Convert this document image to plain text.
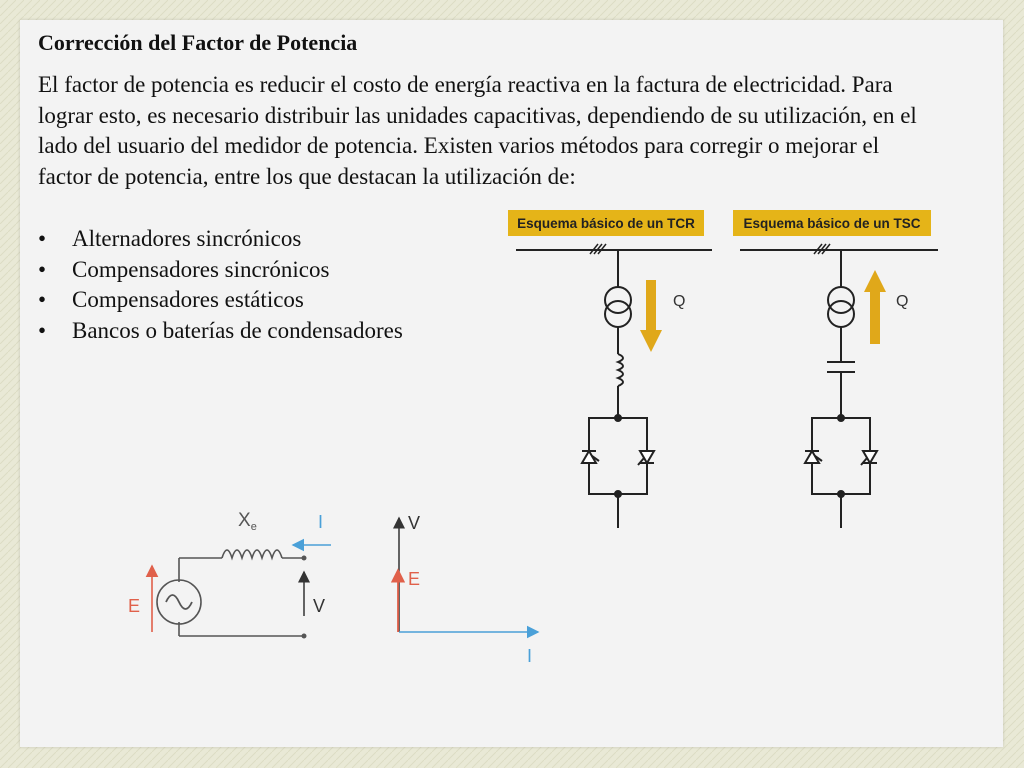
Corrección del Factor de Potencia

El factor de potencia es reducir el costo de energía reactiva en la factura de electricidad. Para lograr esto, es necesario distribuir las unidades capacitivas, dependiendo de su utilización, en el lado del usuario del medidor de potencia. Existen varios métodos para corregir o mejorar el factor de potencia, entre los que destacan la utilización de:

• Alternadores sincrónicos
• Compensadores sincrónicos
• Compensadores estáticos
• Bancos o baterías de condensadores
Esquema básico de un TCR	Esquema básico de un TSC
Q	Q
$X_e$	I
E	V
V
E
I
